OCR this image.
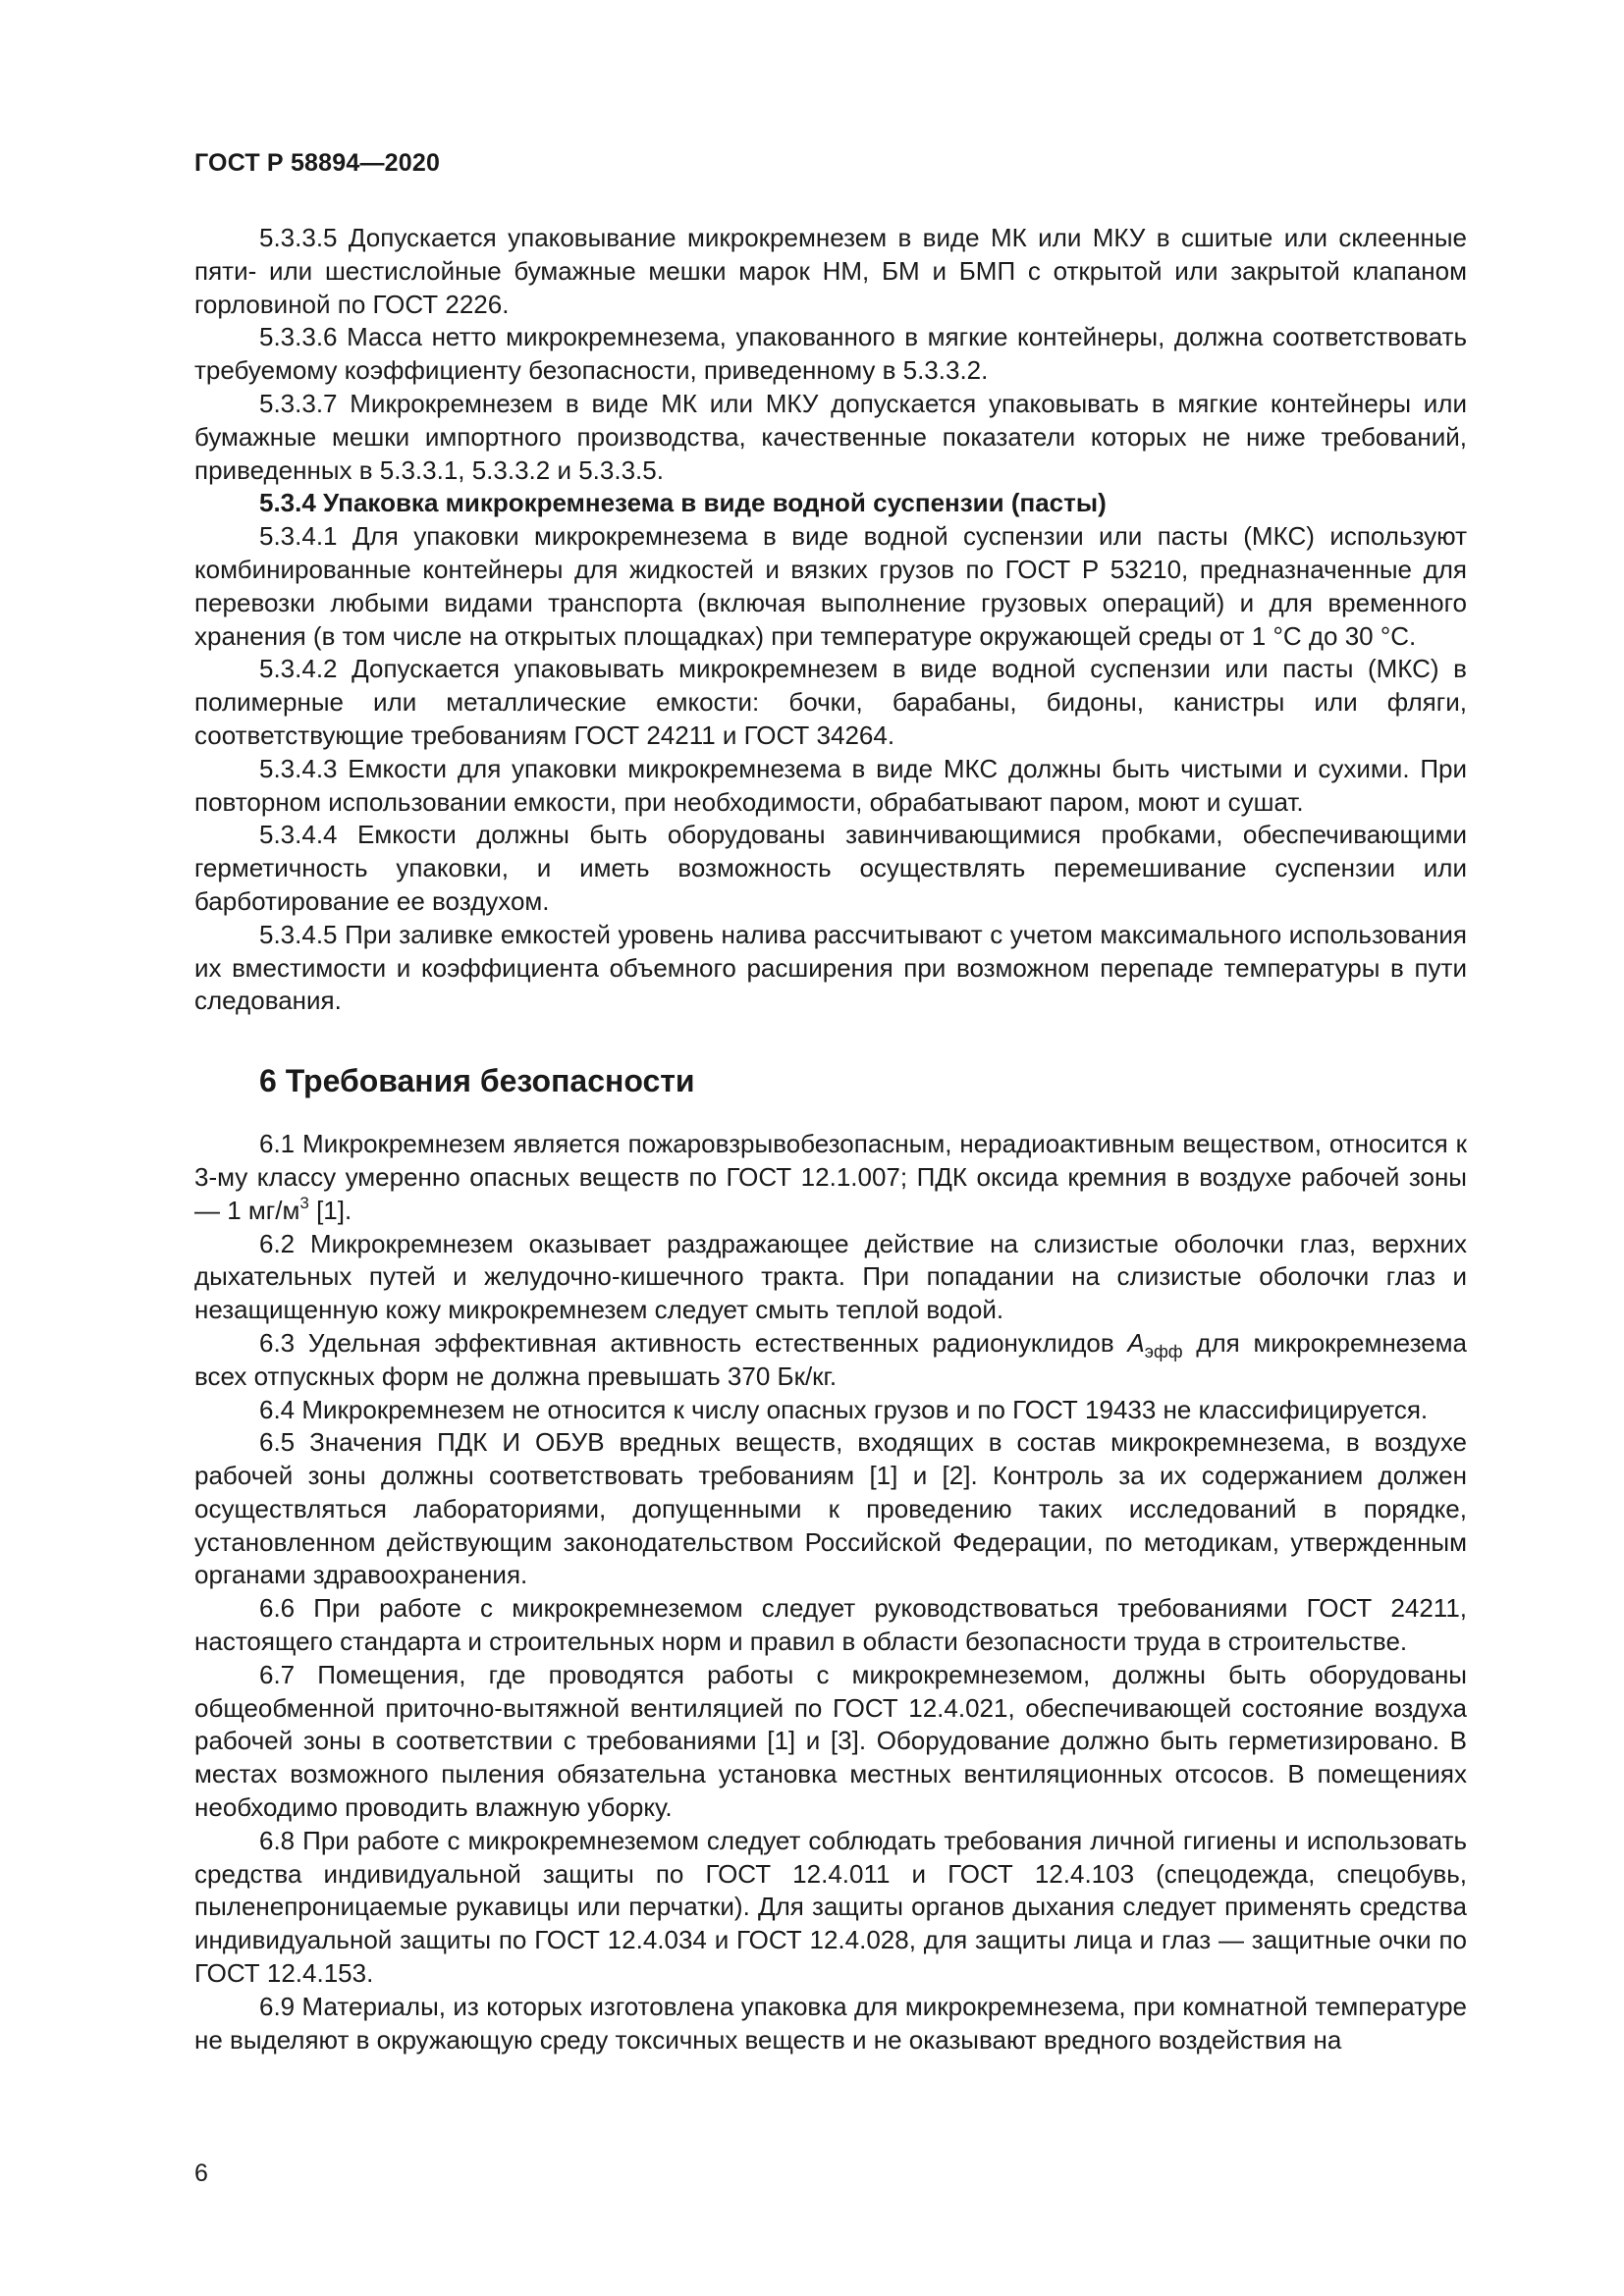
ГОСТ Р 58894—2020

5.3.3.5 Допускается упаковывание микрокремнезем в виде МК или МКУ в сшитые или склеенные пяти- или шестислойные бумажные мешки марок НМ, БМ и БМП с открытой или закрытой клапаном горловиной по ГОСТ 2226.

5.3.3.6 Масса нетто микрокремнезема, упакованного в мягкие контейнеры, должна соответствовать требуемому коэффициенту безопасности, приведенному в 5.3.3.2.

5.3.3.7 Микрокремнезем в виде МК или МКУ допускается упаковывать в мягкие контейнеры или бумажные мешки импортного производства, качественные показатели которых не ниже требований, приведенных в 5.3.3.1, 5.3.3.2 и 5.3.3.5.

5.3.4 Упаковка микрокремнезема в виде водной суспензии (пасты)

5.3.4.1 Для упаковки микрокремнезема в виде водной суспензии или пасты (МКС) используют комбинированные контейнеры для жидкостей и вязких грузов по ГОСТ Р 53210, предназначенные для перевозки любыми видами транспорта (включая выполнение грузовых операций) и для временного хранения (в том числе на открытых площадках) при температуре окружающей среды от 1 °С до 30 °С.

5.3.4.2 Допускается упаковывать микрокремнезем в виде водной суспензии или пасты (МКС) в полимерные или металлические емкости: бочки, барабаны, бидоны, канистры или фляги, соответствующие требованиям ГОСТ 24211 и ГОСТ 34264.

5.3.4.3 Емкости для упаковки микрокремнезема в виде МКС должны быть чистыми и сухими. При повторном использовании емкости, при необходимости, обрабатывают паром, моют и сушат.

5.3.4.4 Емкости должны быть оборудованы завинчивающимися пробками, обеспечивающими герметичность упаковки, и иметь возможность осуществлять перемешивание суспензии или барботирование ее воздухом.

5.3.4.5 При заливке емкостей уровень налива рассчитывают с учетом максимального использования их вместимости и коэффициента объемного расширения при возможном перепаде температуры в пути следования.

6 Требования безопасности

6.1 Микрокремнезем является пожаровзрывобезопасным, нерадиоактивным веществом, относится к 3-му классу умеренно опасных веществ по ГОСТ 12.1.007; ПДК оксида кремния в воздухе рабочей зоны — 1 $мг/м^3$ [1].

6.2 Микрокремнезем оказывает раздражающее действие на слизистые оболочки глаз, верхних дыхательных путей и желудочно-кишечного тракта. При попадании на слизистые оболочки глаз и незащищенную кожу микрокремнезем следует смыть теплой водой.

6.3 Удельная эффективная активность естественных радионуклидов $А_{эфф}$ для микрокремнезема всех отпускных форм не должна превышать 370 Бк/кг.

6.4 Микрокремнезем не относится к числу опасных грузов и по ГОСТ 19433 не классифицируется.

6.5 Значения ПДК И ОБУВ вредных веществ, входящих в состав микрокремнезема, в воздухе рабочей зоны должны соответствовать требованиям [1] и [2]. Контроль за их содержанием должен осуществляться лабораториями, допущенными к проведению таких исследований в порядке, установленном действующим законодательством Российской Федерации, по методикам, утвержденным органами здравоохранения.

6.6 При работе с микрокремнеземом следует руководствоваться требованиями ГОСТ 24211, настоящего стандарта и строительных норм и правил в области безопасности труда в строительстве.

6.7 Помещения, где проводятся работы с микрокремнеземом, должны быть оборудованы общеобменной приточно-вытяжной вентиляцией по ГОСТ 12.4.021, обеспечивающей состояние воздуха рабочей зоны в соответствии с требованиями [1] и [3]. Оборудование должно быть герметизировано. В местах возможного пыления обязательна установка местных вентиляционных отсосов. В помещениях необходимо проводить влажную уборку.

6.8 При работе с микрокремнеземом следует соблюдать требования личной гигиены и использовать средства индивидуальной защиты по ГОСТ 12.4.011 и ГОСТ 12.4.103 (спецодежда, спецобувь, пыленепроницаемые рукавицы или перчатки). Для защиты органов дыхания следует применять средства индивидуальной защиты по ГОСТ 12.4.034 и ГОСТ 12.4.028, для защиты лица и глаз — защитные очки по ГОСТ 12.4.153.

6.9 Материалы, из которых изготовлена упаковка для микрокремнезема, при комнатной температуре не выделяют в окружающую среду токсичных веществ и не оказывают вредного воздействия на

6
